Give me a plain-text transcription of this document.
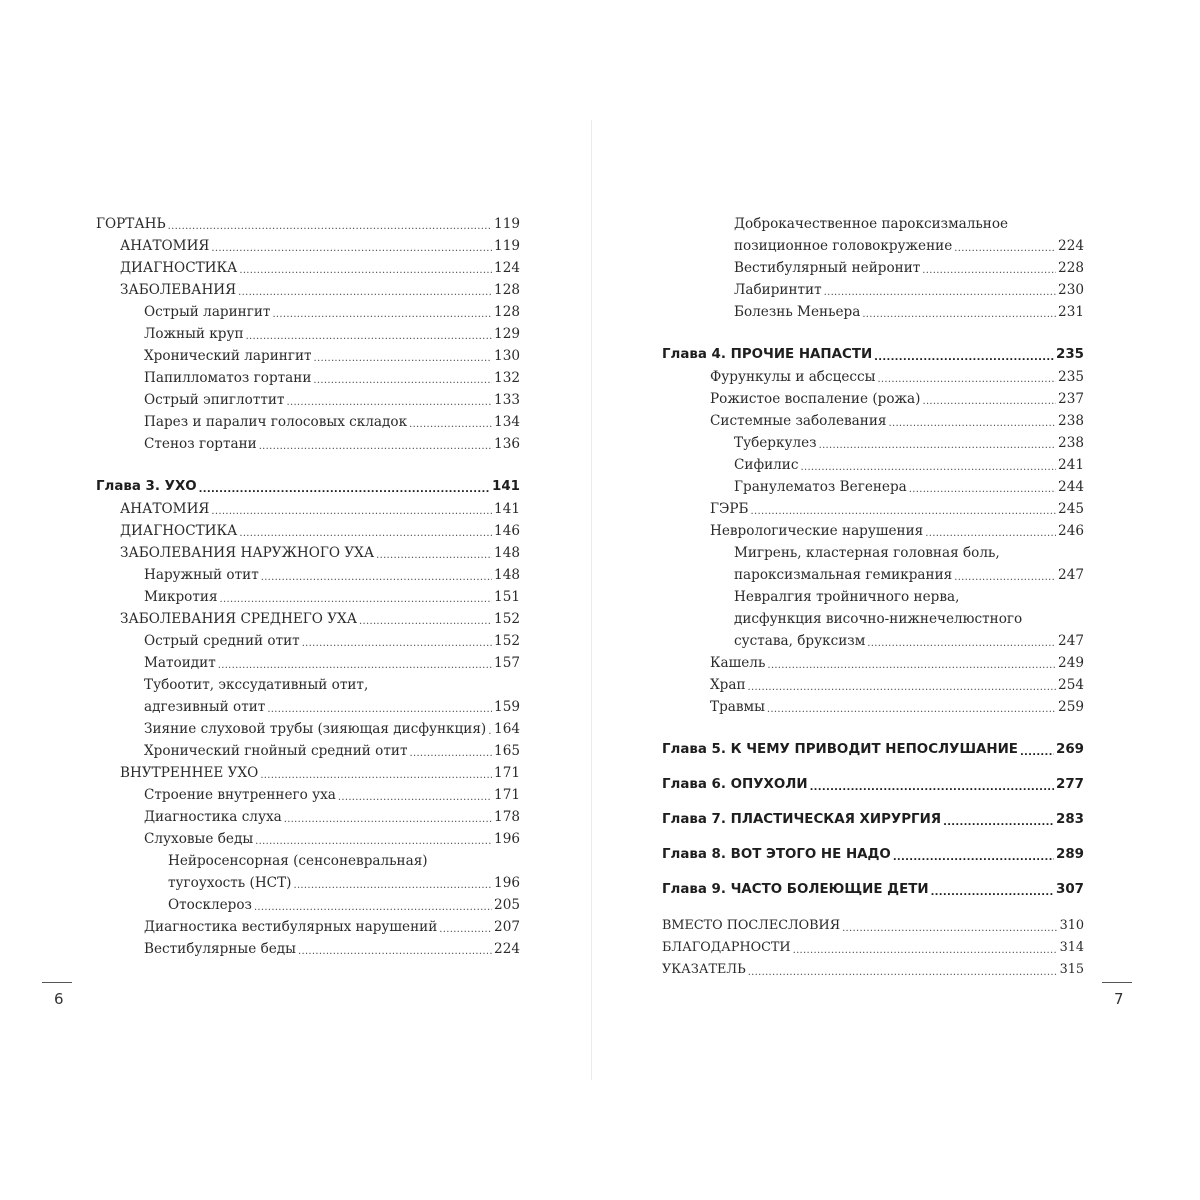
ГОРТАНЬ .....	119
АНАТОМИЯ .....	119
ДИАГНОСТИКА .....	124
ЗАБОЛЕВАНИЯ .....	128
Острый ларингит .....	128
Ложный круп .....	129
Хронический ларингит .....	130
Папилломатоз гортани .....	132
Острый эпиглоттит .....	133
Парез и паралич голосовых складок .....	134
Стеноз гортани .....	136
Глава 3. УХО .....	141
АНАТОМИЯ .....	141
ДИАГНОСТИКА .....	146
ЗАБОЛЕВАНИЯ НАРУЖНОГО УХА .....	148
Наружный отит .....	148
Микротия .....	151
ЗАБОЛЕВАНИЯ СРЕДНЕГО УХА .....	152
Острый средний отит .....	152
Матоидит .....	157
Тубоотит, экссудативный отит,
адгезивный отит .....	159
Зияние слуховой трубы (зияющая дисфункция) ..... 164
Хронический гнойный средний отит .....	165
ВНУТРЕННЕЕ УХО .....	171
Строение внутреннего уха .....	171
Диагностика слуха .....	178
Слуховые беды .....	196
Нейросенсорная (сенсоневральная)
тугоухость (НСТ) .....	196
Отосклероз .....	205
Диагностика вестибулярных нарушений .....	207
Вестибулярные беды .....	224
Доброкачественное пароксизмальное
позиционное головокружение .....	224
Вестибулярный нейронит .....	228
Лабиринтит .....	230
Болезнь Меньера .....	231
Глава 4. ПРОЧИЕ НАПАСТИ .....	235
Фурункулы и абсцессы .....	235
Рожистое воспаление (рожа) .....	237
Системные заболевания .....	238
Туберкулез .....	238
Сифилис .....	241
Гранулематоз Вегенера .....	244
ГЭРБ .....	245
Неврологические нарушения .....	246
Мигрень, кластерная головная боль,
пароксизмальная гемикрания .....	247
Невралгия тройничного нерва,
дисфункция височно-нижнечелюстного
сустава, бруксизм .....	247
Кашель .....	249
Храп .....	254
Травмы .....	259
Глава 5. К ЧЕМУ ПРИВОДИТ НЕПОСЛУШАНИЕ .....	269
Глава 6. ОПУХОЛИ .....	277
Глава 7. ПЛАСТИЧЕСКАЯ ХИРУРГИЯ .....	283
Глава 8. ВОТ ЭТОГО НЕ НАДО .....	289
Глава 9. ЧАСТО БОЛЕЮЩИЕ ДЕТИ .....	307
ВМЕСТО ПОСЛЕСЛОВИЯ .....	310
БЛАГОДАРНОСТИ .....	314
УКАЗАТЕЛЬ .....	315
6	7
